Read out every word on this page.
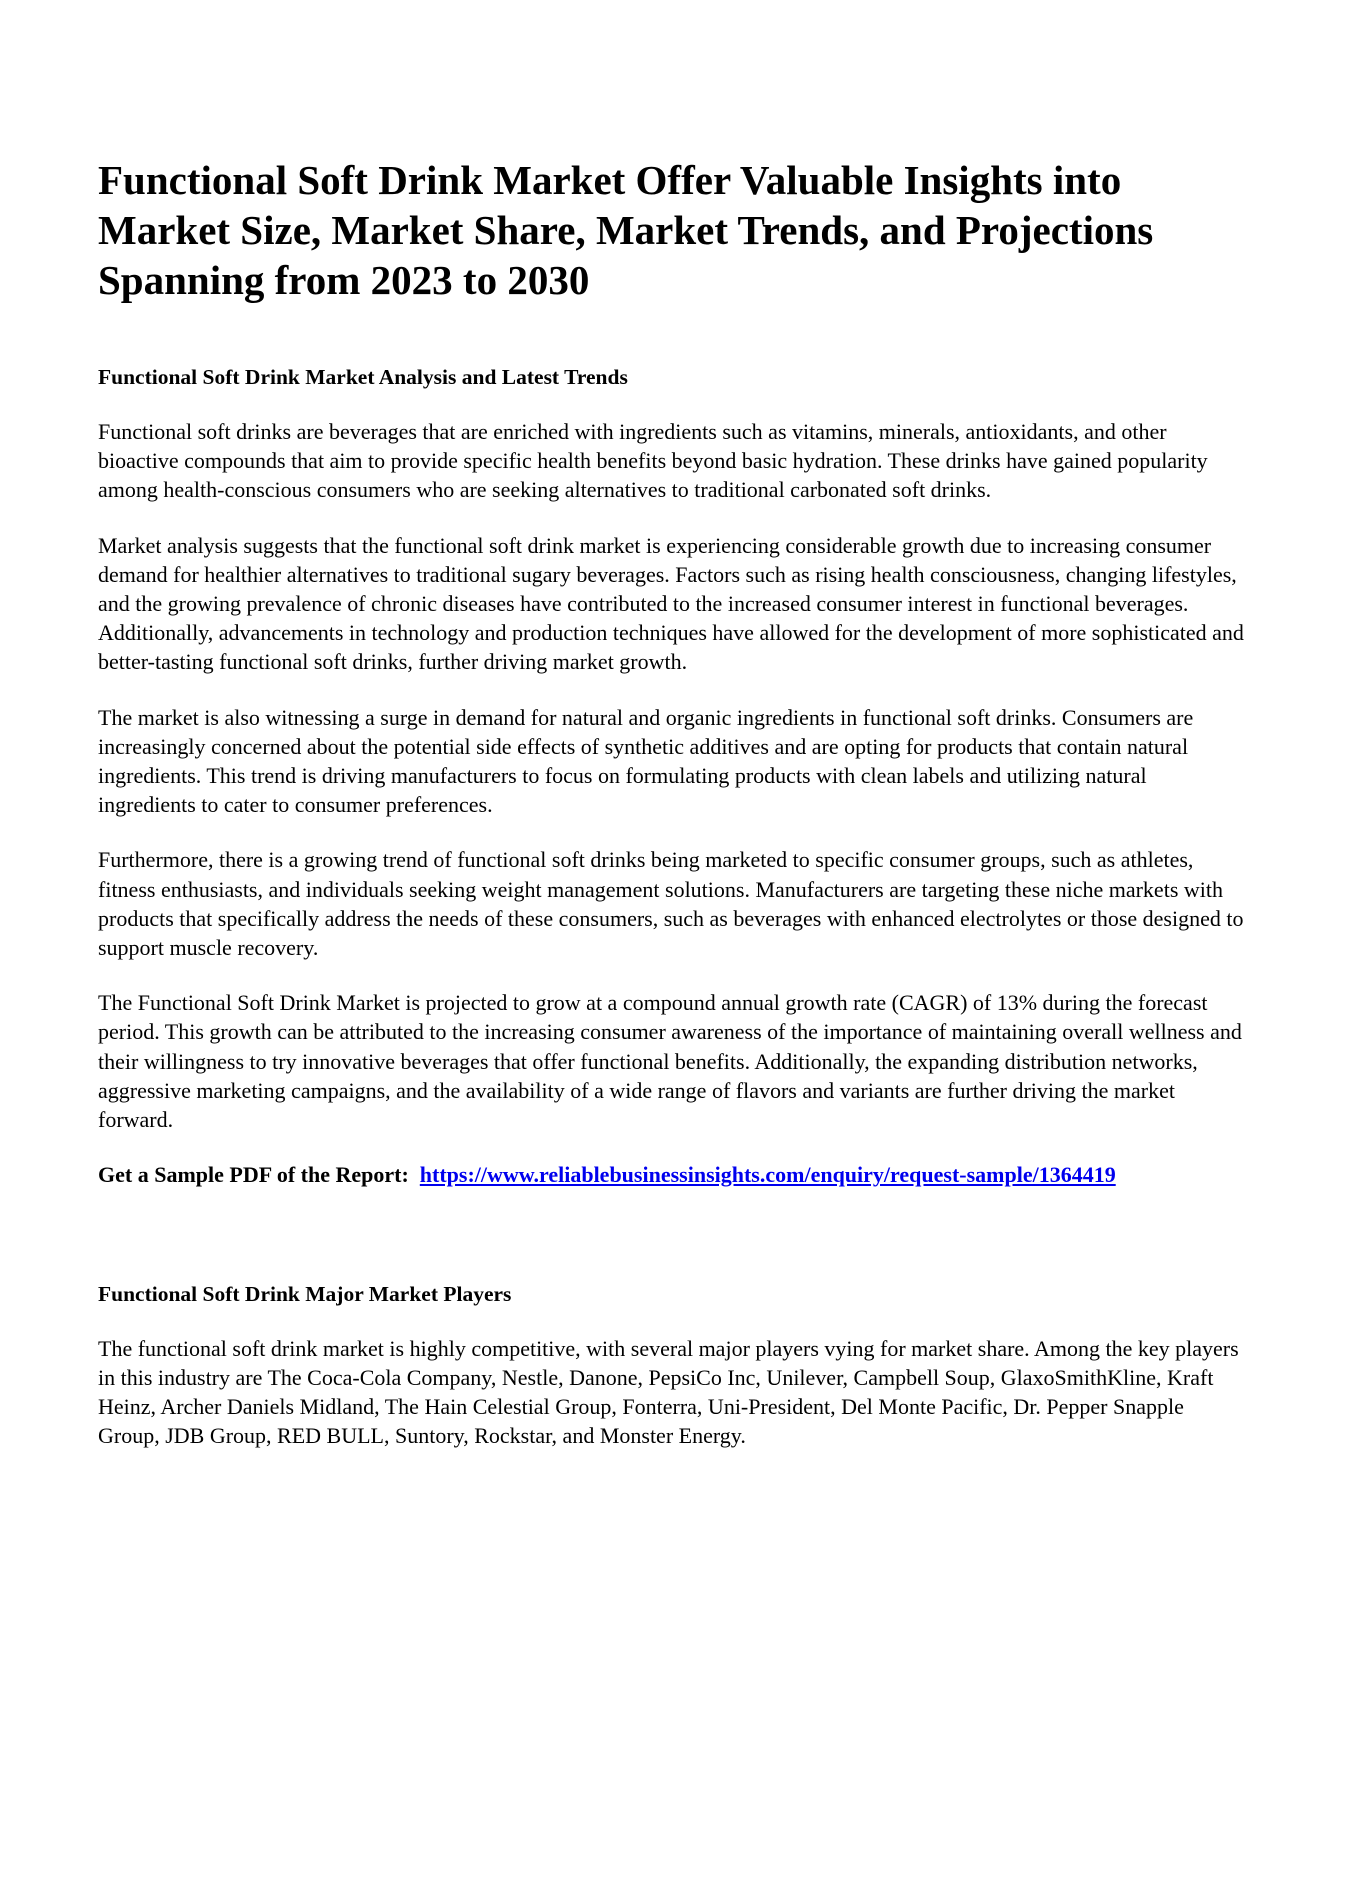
Functional Soft Drink Market Offer Valuable Insights into Market Size, Market Share, Market Trends, and Projections Spanning from 2023 to 2030
Functional Soft Drink Market Analysis and Latest Trends

Functional soft drinks are beverages that are enriched with ingredients such as vitamins, minerals, antioxidants, and other bioactive compounds that aim to provide specific health benefits beyond basic hydration. These drinks have gained popularity among health-conscious consumers who are seeking alternatives to traditional carbonated soft drinks.

Market analysis suggests that the functional soft drink market is experiencing considerable growth due to increasing consumer demand for healthier alternatives to traditional sugary beverages. Factors such as rising health consciousness, changing lifestyles, and the growing prevalence of chronic diseases have contributed to the increased consumer interest in functional beverages. Additionally, advancements in technology and production techniques have allowed for the development of more sophisticated and better-tasting functional soft drinks, further driving market growth.

The market is also witnessing a surge in demand for natural and organic ingredients in functional soft drinks. Consumers are increasingly concerned about the potential side effects of synthetic additives and are opting for products that contain natural ingredients. This trend is driving manufacturers to focus on formulating products with clean labels and utilizing natural ingredients to cater to consumer preferences.

Furthermore, there is a growing trend of functional soft drinks being marketed to specific consumer groups, such as athletes, fitness enthusiasts, and individuals seeking weight management solutions. Manufacturers are targeting these niche markets with products that specifically address the needs of these consumers, such as beverages with enhanced electrolytes or those designed to support muscle recovery.

The Functional Soft Drink Market is projected to grow at a compound annual growth rate (CAGR) of 13% during the forecast period. This growth can be attributed to the increasing consumer awareness of the importance of maintaining overall wellness and their willingness to try innovative beverages that offer functional benefits. Additionally, the expanding distribution networks, aggressive marketing campaigns, and the availability of a wide range of flavors and variants are further driving the market forward.

Get a Sample PDF of the Report: https://www.reliablebusinessinsights.com/enquiry/request-sample/1364419

Functional Soft Drink Major Market Players

The functional soft drink market is highly competitive, with several major players vying for market share. Among the key players in this industry are The Coca-Cola Company, Nestle, Danone, PepsiCo Inc, Unilever, Campbell Soup, GlaxoSmithKline, Kraft Heinz, Archer Daniels Midland, The Hain Celestial Group, Fonterra, Uni-President, Del Monte Pacific, Dr. Pepper Snapple Group, JDB Group, RED BULL, Suntory, Rockstar, and Monster Energy.
